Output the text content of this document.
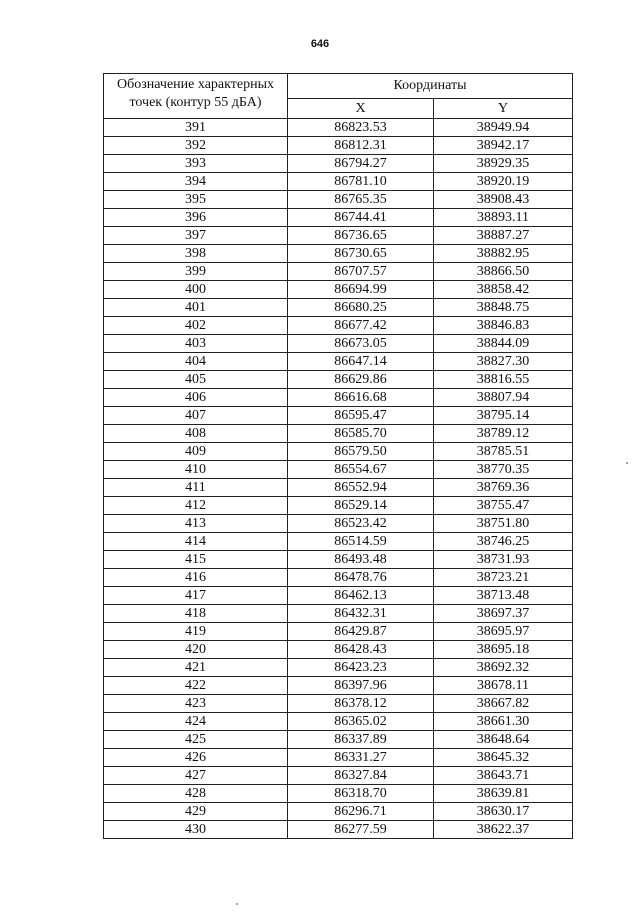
646
Обозначение характерных точек (контур 55 дБА)	Координаты	
	X	Y
391	86823.53	38949.94
392	86812.31	38942.17
393	86794.27	38929.35
394	86781.10	38920.19
395	86765.35	38908.43
396	86744.41	38893.11
397	86736.65	38887.27
398	86730.65	38882.95
399	86707.57	38866.50
400	86694.99	38858.42
401	86680.25	38848.75
402	86677.42	38846.83
403	86673.05	38844.09
404	86647.14	38827.30
405	86629.86	38816.55
406	86616.68	38807.94
407	86595.47	38795.14
408	86585.70	38789.12
409	86579.50	38785.51
410	86554.67	38770.35
411	86552.94	38769.36
412	86529.14	38755.47
413	86523.42	38751.80
414	86514.59	38746.25
415	86493.48	38731.93
416	86478.76	38723.21
417	86462.13	38713.48
418	86432.31	38697.37
419	86429.87	38695.97
420	86428.43	38695.18
421	86423.23	38692.32
422	86397.96	38678.11
423	86378.12	38667.82
424	86365.02	38661.30
425	86337.89	38648.64
426	86331.27	38645.32
427	86327.84	38643.71
428	86318.70	38639.81
429	86296.71	38630.17
430	86277.59	38622.37
